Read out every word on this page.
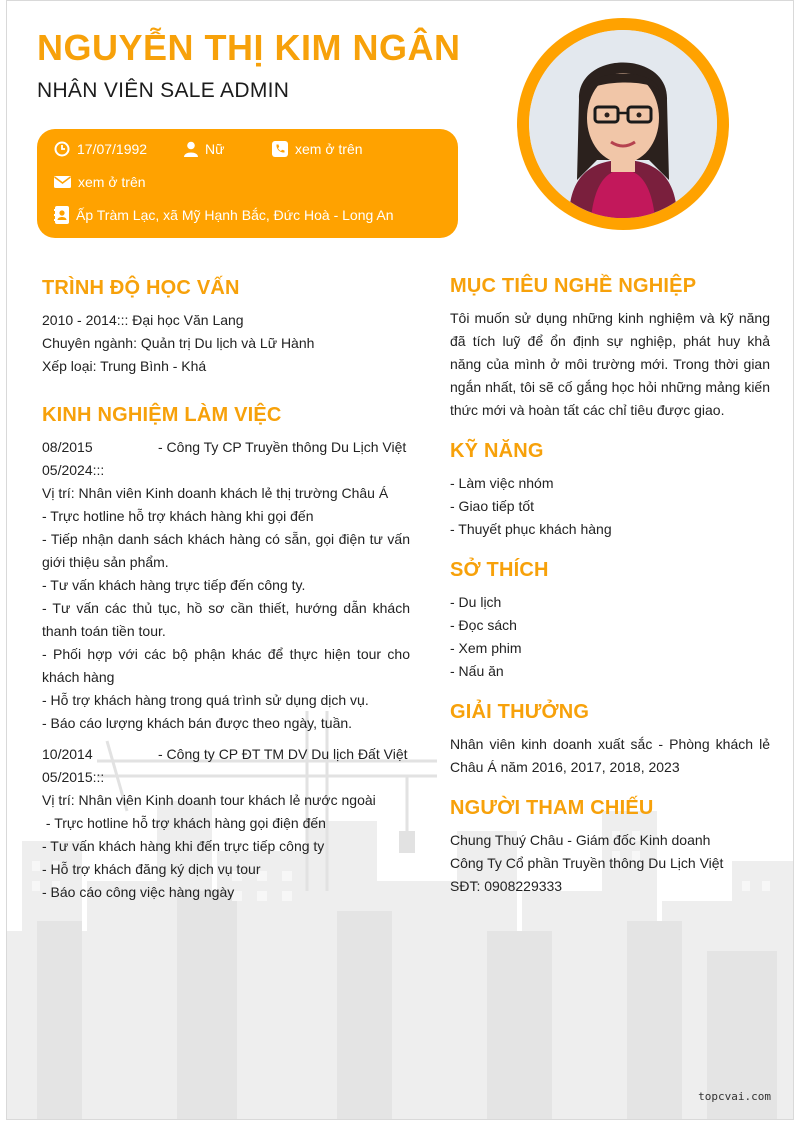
NGUYỄN THỊ KIM NGÂN
NHÂN VIÊN SALE ADMIN
17/07/1992	Nữ	xem ở trên
xem ở trên
Ấp Tràm Lạc, xã Mỹ Hạnh Bắc, Đức Hoà - Long An
TRÌNH ĐỘ HỌC VẤN
2010 - 2014::: Đại học Văn Lang
Chuyên ngành: Quản trị Du lịch và Lữ Hành
Xếp loại: Trung Bình - Khá
KINH NGHIỆM LÀM VIỆC
08/2015	- Công Ty CP Truyền thông Du Lịch Việt
05/2024:::
Vị trí: Nhân viên Kinh doanh khách lẻ thị trường Châu Á
- Trực hotline hỗ trợ khách hàng khi gọi đến
- Tiếp nhận danh sách khách hàng có sẵn, gọi điện tư vấn giới thiệu sản phẩm.
- Tư vấn khách hàng trực tiếp đến công ty.
- Tư vấn các thủ tục, hồ sơ cần thiết, hướng dẫn khách thanh toán tiền tour.
- Phối hợp với các bộ phận khác để thực hiện tour cho khách hàng
- Hỗ trợ khách hàng trong quá trình sử dụng dịch vụ.
- Báo cáo lượng khách bán được theo ngày, tuần.
10/2014	- Công ty CP ĐT TM DV Du lịch Đất Việt
05/2015:::
Vị trí: Nhân viên Kinh doanh tour khách lẻ nước ngoài
- Trực hotline hỗ trợ khách hàng gọi điện đến
- Tư vấn khách hàng khi đến trực tiếp công ty
- Hỗ trợ khách đăng ký dịch vụ tour
- Báo cáo công việc hàng ngày
MỤC TIÊU NGHỀ NGHIỆP
Tôi muốn sử dụng những kinh nghiệm và kỹ năng đã tích luỹ để ổn định sự nghiệp, phát huy khả năng của mình ở môi trường mới. Trong thời gian ngắn nhất, tôi sẽ cố gắng học hỏi những mảng kiến thức mới và hoàn tất các chỉ tiêu được giao.
KỸ NĂNG
- Làm việc nhóm
- Giao tiếp tốt
- Thuyết phục khách hàng
SỞ THÍCH
- Du lịch
- Đọc sách
- Xem phim
- Nấu ăn
GIẢI THƯỞNG
Nhân viên kinh doanh xuất sắc - Phòng khách lẻ Châu Á năm 2016, 2017, 2018, 2023
NGƯỜI THAM CHIẾU
Chung Thuý Châu - Giám đốc Kinh doanh
Công Ty Cổ phần Truyền thông Du Lịch Việt
SĐT: 0908229333
topcvai.com
